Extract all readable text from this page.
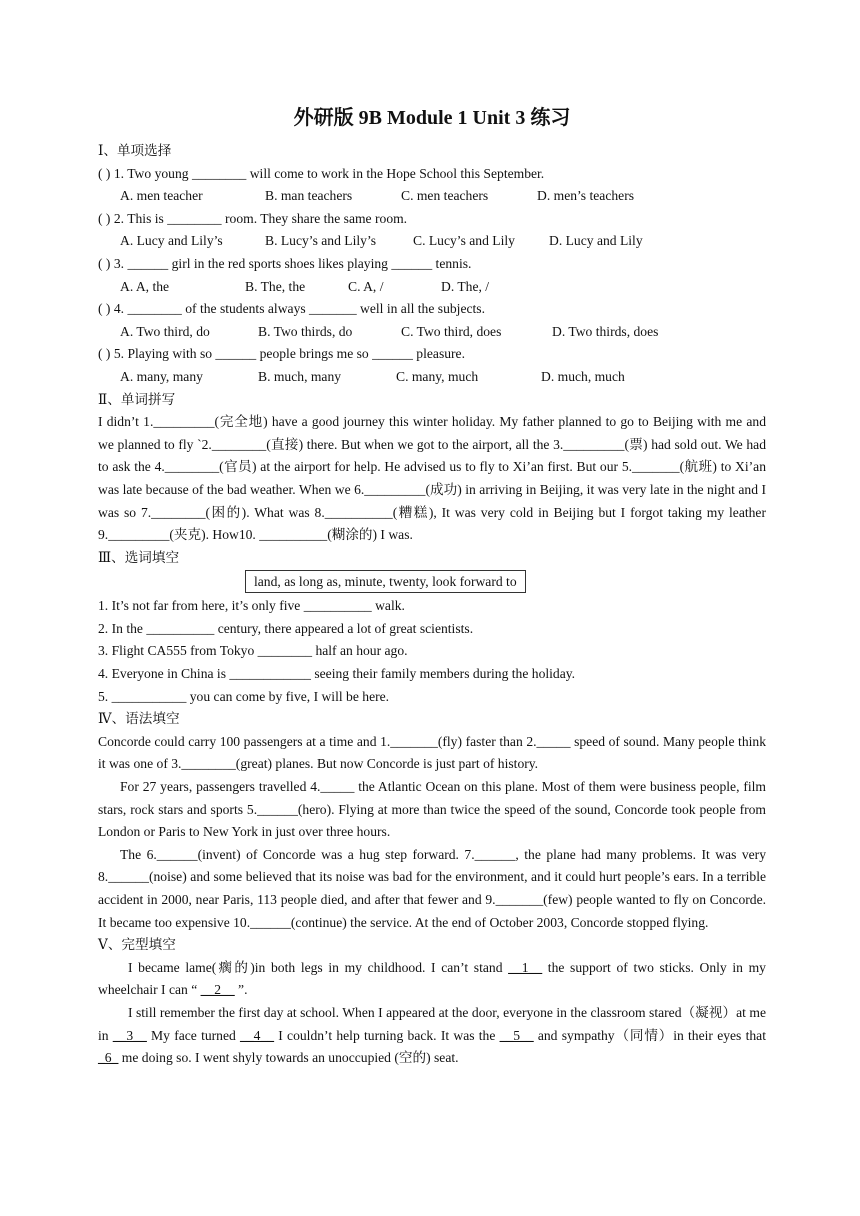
外研版 9B Module 1 Unit 3 练习
Ⅰ、单项选择
( ) 1. Two young ________ will come to work in the Hope School this September.
A. men teacher	B. man teachers	C. men teachers	D. men’s teachers
( ) 2. This is ________ room. They share the same room.
A. Lucy and Lily’s	B. Lucy’s and Lily’s	C. Lucy’s and Lily	D. Lucy and Lily
( ) 3. ______ girl in the red sports shoes likes playing ______ tennis.
A. A, the	B. The, the	C. A, /	D. The, /
( ) 4. ________ of the students always _______ well in all the subjects.
A. Two third, do	B. Two thirds, do	C. Two third, does	D. Two thirds, does
( ) 5. Playing with so ______ people brings me so ______ pleasure.
A. many, many	B. much, many	C. many, much	D. much, much
Ⅱ、单词拼写

I didn’t 1._________(完全地) have a good journey this winter holiday. My father planned to go to Beijing with me and we planned to fly `2.________(直接) there. But when we got to the airport, all the 3._________(票) had sold out. We had to ask the 4.________(官员) at the airport for help. He advised us to fly to Xi’an first. But our 5._______(航班) to Xi’an was late because of the bad weather. When we 6._________(成功) in arriving in Beijing, it was very late in the night and I was so 7.________(困的). What was 8.__________(糟糕), It was very cold in Beijing but I forgot taking my leather 9._________(夹克). How10. __________(糊涂的) I was.

Ⅲ、选词填空
land, as long as, minute, twenty, look forward to
1. It’s not far from here, it’s only five __________ walk.
2. In the __________ century, there appeared a lot of great scientists.
3. Flight CA555 from Tokyo ________ half an hour ago.
4. Everyone in China is ____________ seeing their family members during the holiday.
5. ___________ you can come by five, I will be here.
Ⅳ、语法填空

Concorde could carry 100 passengers at a time and 1._______(fly) faster than 2._____ speed of sound. Many people think it was one of 3.________(great) planes. But now Concorde is just part of history.

For 27 years, passengers travelled 4._____ the Atlantic Ocean on this plane. Most of them were business people, film stars, rock stars and sports 5.______(hero). Flying at more than twice the speed of the sound, Concorde took people from London or Paris to New York in just over three hours.

The 6.______(invent) of Concorde was a hug step forward. 7.______, the plane had many problems. It was very 8.______(noise) and some believed that its noise was bad for the environment, and it could hurt people’s ears. In a terrible accident in 2000, near Paris, 113 people died, and after that fewer and 9._______(few) people wanted to fly on Concorde. It became too expensive 10.______(continue) the service. At the end of October 2003, Concorde stopped flying.

Ⅴ、完型填空

I became lame(瘸的)in both legs in my childhood. I can’t stand __1__ the support of two sticks. Only in my wheelchair I can “ __2__ ”.

I still remember the first day at school. When I appeared at the door, everyone in the classroom stared（凝视）at me in __3__ My face turned __4__ I couldn’t help turning back. It was the __5__ and sympathy（同情）in their eyes that _6_ me doing so. I went shyly towards an unoccupied (空的) seat.
